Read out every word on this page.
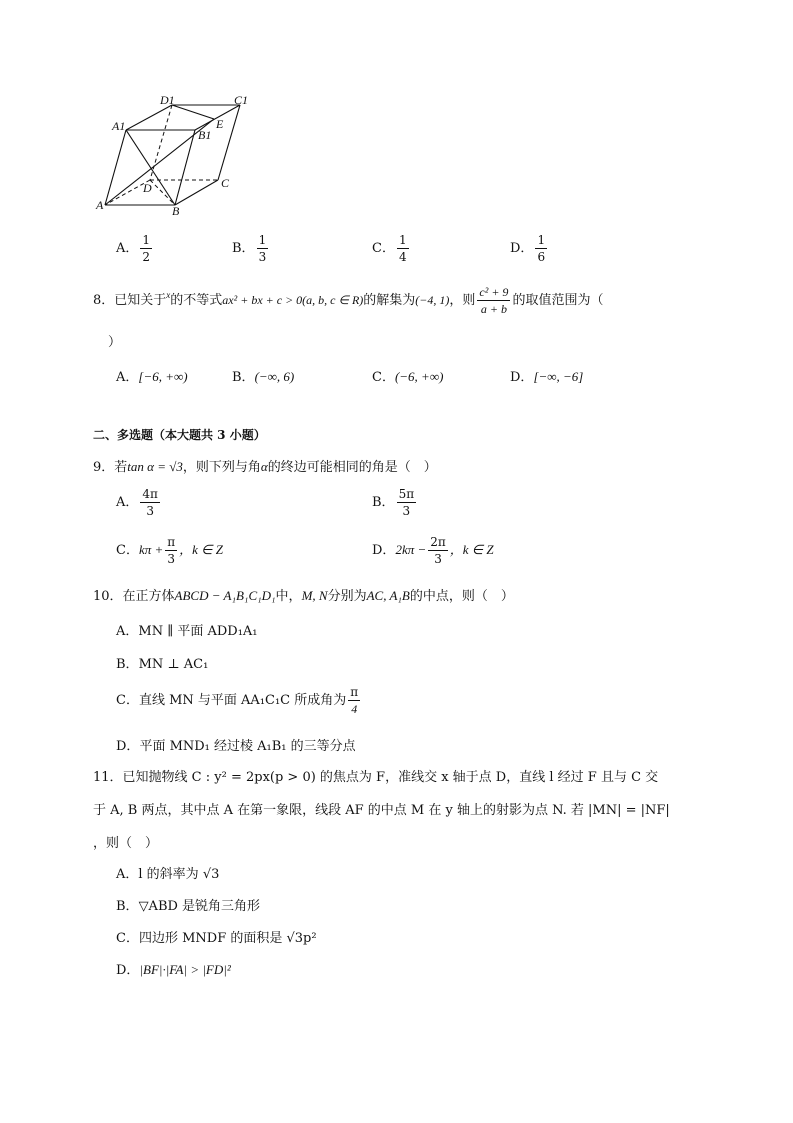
D1	C1
A1
B1
E
D	C
A	B
A． $\frac{1}{2}$	B． $\frac{1}{3}$	C． $\frac{1}{4}$	D． $\frac{1}{6}$
8．已知关于$^x$的不等式ax² + bx + c > 0(a, b, c ∈ R)的解集为(−4, 1)，则 $\frac{\text{c² + 9}}{a + b}$ 的取值范围为（
）
A．[−6, +∞)	B．(−∞, 6)	C．(−6, +∞)	D．[−∞, −6]
二、多选题（本大题共 3 小题）
9．若tan α = √3，则下列与角α的终边可能相同的角是（　）
A． $\frac{4\pi}{3}$	B． $\frac{5\pi}{3}$
C．$k\pi + \frac{\pi}{3}$ ，k ∈ Z	D．$2k\pi - \frac{2\pi}{3}$ ，k ∈ Z
10．在正方体ABCD − A₁B₁C₁D₁中，M, N分别为AC, A₁B的中点，则（　）
A．MN ∥ 平面 ADD₁A₁
B．MN ⊥ AC₁
C．直线 MN 与平面 AA₁C₁C 所成角为 $\frac{\pi}{4}$
D．平面 MND₁ 经过棱 A₁B₁ 的三等分点
11．已知抛物线 C : y² = 2px(p > 0) 的焦点为 F，准线交 x 轴于点 D，直线 l 经过 F 且与 C 交
于 A, B 两点，其中点 A 在第一象限，线段 AF 的中点 M 在 y 轴上的射影为点 N. 若 |MN| = |NF|
，则（　）
A．l 的斜率为 √3
B．▽ABD 是锐角三角形
C．四边形 MNDF 的面积是 √3p²
D．|BF|·|FA| > |FD|²
